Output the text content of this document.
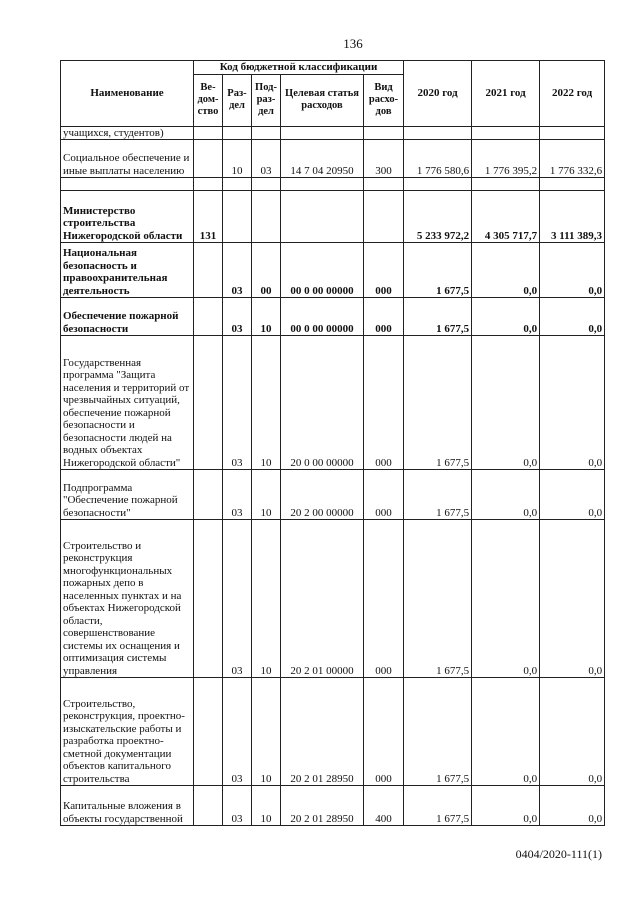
136
Наименование	Код бюджетной классификации					2020 год	2021 год	2022 год
	Ве-дом-ство	Раз-дел	Под-раз-дел	Целевая статья расходов	Вид расхо-дов			
учащихся, студентов)								
Социальное обеспечение и иные выплаты населению		10	03	14 7 04 20950	300	1 776 580,6	1 776 395,2	1 776 332,6

Министерство строительства Нижегородской области	131					5 233 972,2	4 305 717,7	3 111 389,3
Национальная безопасность и правоохранительная деятельность		03	00	00 0 00 00000	000	1 677,5	0,0	0,0
Обеспечение пожарной безопасности		03	10	00 0 00 00000	000	1 677,5	0,0	0,0
Государственная программа "Защита населения и территорий от чрезвычайных ситуаций, обеспечение пожарной безопасности и безопасности людей на водных объектах Нижегородской области"		03	10	20 0 00 00000	000	1 677,5	0,0	0,0
Подпрограмма "Обеспечение пожарной безопасности"		03	10	20 2 00 00000	000	1 677,5	0,0	0,0
Строительство и реконструкция многофункциональных пожарных депо в населенных пунктах и на объектах Нижегородской области, совершенствование системы их оснащения и оптимизация системы управления		03	10	20 2 01 00000	000	1 677,5	0,0	0,0
Строительство, реконструкция, проектно-изыскательские работы и разработка проектно-сметной документации объектов капитального строительства		03	10	20 2 01 28950	000	1 677,5	0,0	0,0
Капитальные вложения в объекты государственной		03	10	20 2 01 28950	400	1 677,5	0,0	0,0
0404/2020-111(1)
